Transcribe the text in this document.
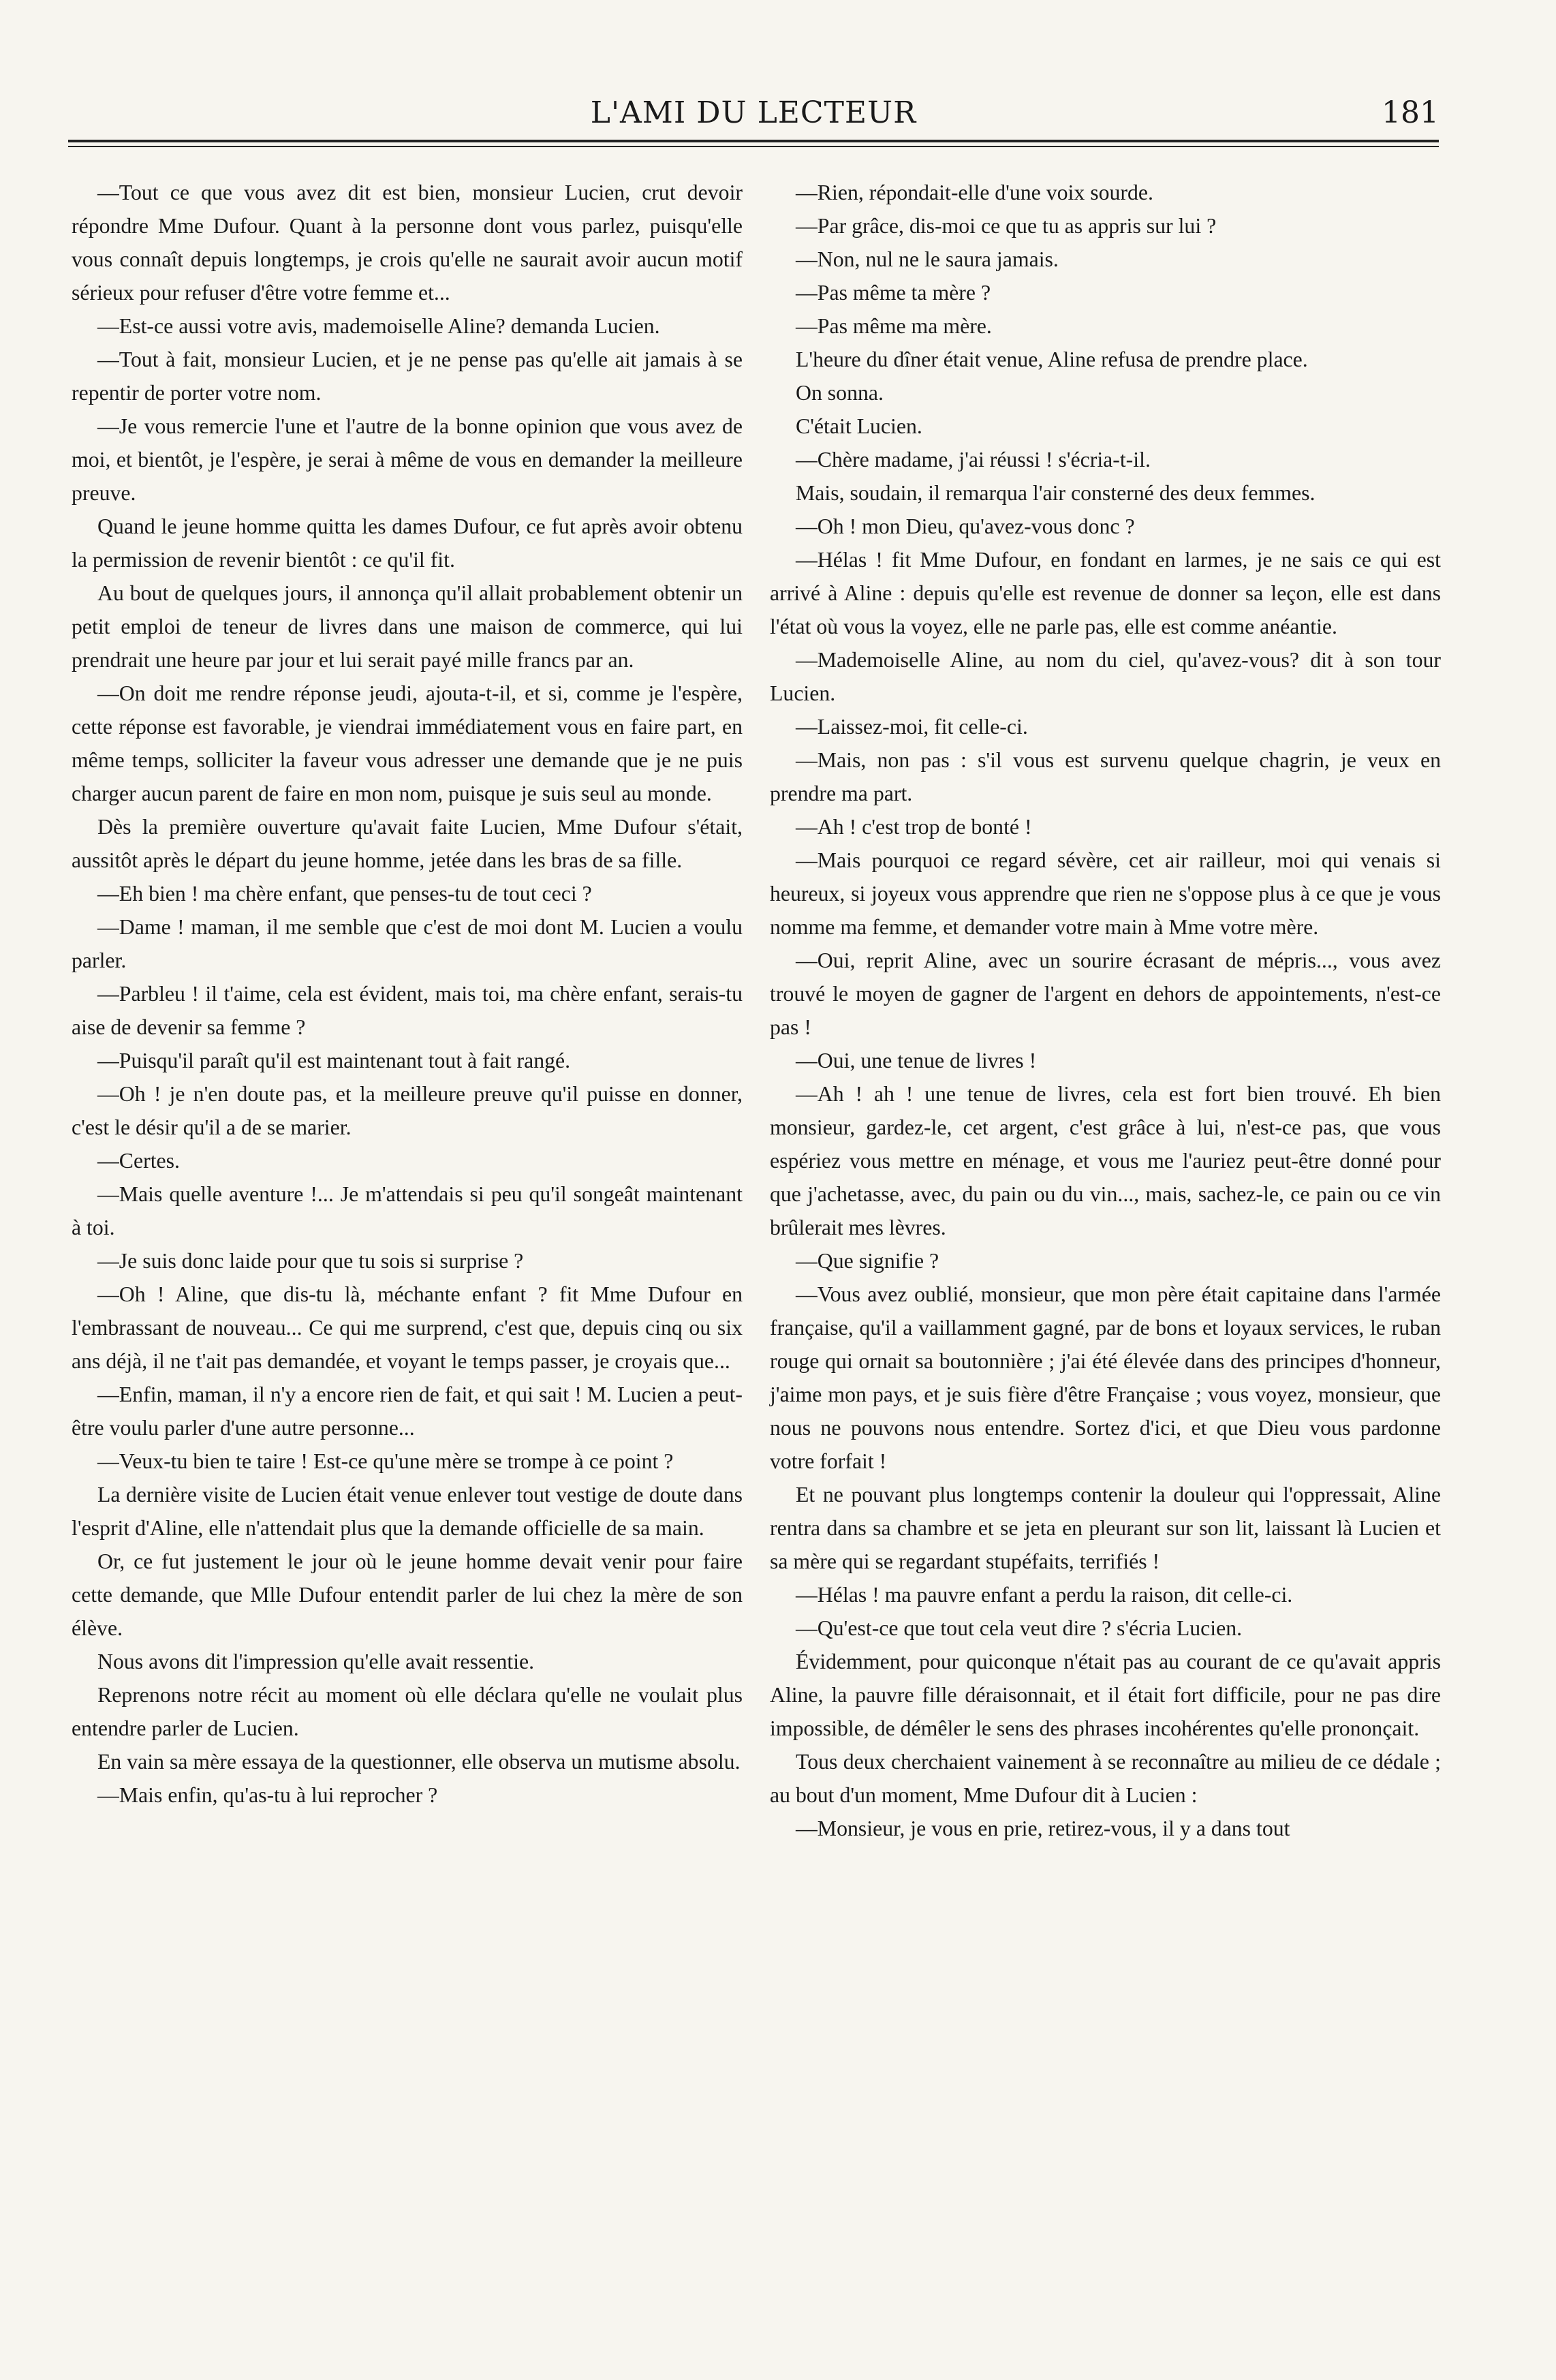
L'AMI DU LECTEUR	181

—Tout ce que vous avez dit est bien, monsieur Lucien, crut devoir répondre Mme Dufour. Quant à la personne dont vous parlez, puisqu'elle vous connaît depuis longtemps, je crois qu'elle ne saurait avoir aucun motif sérieux pour refuser d'être votre femme et...

—Est-ce aussi votre avis, mademoiselle Aline? demanda Lucien.

—Tout à fait, monsieur Lucien, et je ne pense pas qu'elle ait jamais à se repentir de porter votre nom.

—Je vous remercie l'une et l'autre de la bonne opinion que vous avez de moi, et bientôt, je l'espère, je serai à même de vous en demander la meilleure preuve.

Quand le jeune homme quitta les dames Dufour, ce fut après avoir obtenu la permission de revenir bientôt : ce qu'il fit.

Au bout de quelques jours, il annonça qu'il allait probablement obtenir un petit emploi de teneur de livres dans une maison de commerce, qui lui prendrait une heure par jour et lui serait payé mille francs par an.

—On doit me rendre réponse jeudi, ajouta-t-il, et si, comme je l'espère, cette réponse est favorable, je viendrai immédiatement vous en faire part, en même temps, solliciter la faveur vous adresser une demande que je ne puis charger aucun parent de faire en mon nom, puisque je suis seul au monde.

Dès la première ouverture qu'avait faite Lucien, Mme Dufour s'était, aussitôt après le départ du jeune homme, jetée dans les bras de sa fille.

—Eh bien ! ma chère enfant, que penses-tu de tout ceci ?

—Dame ! maman, il me semble que c'est de moi dont M. Lucien a voulu parler.

—Parbleu ! il t'aime, cela est évident, mais toi, ma chère enfant, serais-tu aise de devenir sa femme ?

—Puisqu'il paraît qu'il est maintenant tout à fait rangé.

—Oh ! je n'en doute pas, et la meilleure preuve qu'il puisse en donner, c'est le désir qu'il a de se marier.

—Certes.

—Mais quelle aventure !... Je m'attendais si peu qu'il songeât maintenant à toi.

—Je suis donc laide pour que tu sois si surprise ?

—Oh ! Aline, que dis-tu là, méchante enfant ? fit Mme Dufour en l'embrassant de nouveau... Ce qui me surprend, c'est que, depuis cinq ou six ans déjà, il ne t'ait pas demandée, et voyant le temps passer, je croyais que...

—Enfin, maman, il n'y a encore rien de fait, et qui sait ! M. Lucien a peut-être voulu parler d'une autre personne...

—Veux-tu bien te taire ! Est-ce qu'une mère se trompe à ce point ?

La dernière visite de Lucien était venue enlever tout vestige de doute dans l'esprit d'Aline, elle n'attendait plus que la demande officielle de sa main.

Or, ce fut justement le jour où le jeune homme devait venir pour faire cette demande, que Mlle Dufour entendit parler de lui chez la mère de son élève.

Nous avons dit l'impression qu'elle avait ressentie.

Reprenons notre récit au moment où elle déclara qu'elle ne voulait plus entendre parler de Lucien.

En vain sa mère essaya de la questionner, elle observa un mutisme absolu.

—Mais enfin, qu'as-tu à lui reprocher ?

—Rien, répondait-elle d'une voix sourde.

—Par grâce, dis-moi ce que tu as appris sur lui ?

—Non, nul ne le saura jamais.

—Pas même ta mère ?

—Pas même ma mère.

L'heure du dîner était venue, Aline refusa de prendre place.

On sonna.

C'était Lucien.

—Chère madame, j'ai réussi ! s'écria-t-il.

Mais, soudain, il remarqua l'air consterné des deux femmes.

—Oh ! mon Dieu, qu'avez-vous donc ?

—Hélas ! fit Mme Dufour, en fondant en larmes, je ne sais ce qui est arrivé à Aline : depuis qu'elle est revenue de donner sa leçon, elle est dans l'état où vous la voyez, elle ne parle pas, elle est comme anéantie.

—Mademoiselle Aline, au nom du ciel, qu'avez-vous? dit à son tour Lucien.

—Laissez-moi, fit celle-ci.

—Mais, non pas : s'il vous est survenu quelque chagrin, je veux en prendre ma part.

—Ah ! c'est trop de bonté !

—Mais pourquoi ce regard sévère, cet air railleur, moi qui venais si heureux, si joyeux vous apprendre que rien ne s'oppose plus à ce que je vous nomme ma femme, et demander votre main à Mme votre mère.

—Oui, reprit Aline, avec un sourire écrasant de mépris..., vous avez trouvé le moyen de gagner de l'argent en dehors de appointements, n'est-ce pas !

—Oui, une tenue de livres !

—Ah ! ah ! une tenue de livres, cela est fort bien trouvé. Eh bien monsieur, gardez-le, cet argent, c'est grâce à lui, n'est-ce pas, que vous espériez vous mettre en ménage, et vous me l'auriez peut-être donné pour que j'achetasse, avec, du pain ou du vin..., mais, sachez-le, ce pain ou ce vin brûlerait mes lèvres.

—Que signifie ?

—Vous avez oublié, monsieur, que mon père était capitaine dans l'armée française, qu'il a vaillamment gagné, par de bons et loyaux services, le ruban rouge qui ornait sa boutonnière ; j'ai été élevée dans des principes d'honneur, j'aime mon pays, et je suis fière d'être Française ; vous voyez, monsieur, que nous ne pouvons nous entendre. Sortez d'ici, et que Dieu vous pardonne votre forfait !

Et ne pouvant plus longtemps contenir la douleur qui l'oppressait, Aline rentra dans sa chambre et se jeta en pleurant sur son lit, laissant là Lucien et sa mère qui se regardant stupéfaits, terrifiés !

—Hélas ! ma pauvre enfant a perdu la raison, dit celle-ci.

—Qu'est-ce que tout cela veut dire ? s'écria Lucien.

Évidemment, pour quiconque n'était pas au courant de ce qu'avait appris Aline, la pauvre fille déraisonnait, et il était fort difficile, pour ne pas dire impossible, de démêler le sens des phrases incohérentes qu'elle prononçait.

Tous deux cherchaient vainement à se reconnaître au milieu de ce dédale ; au bout d'un moment, Mme Dufour dit à Lucien :

—Monsieur, je vous en prie, retirez-vous, il y a dans tout
